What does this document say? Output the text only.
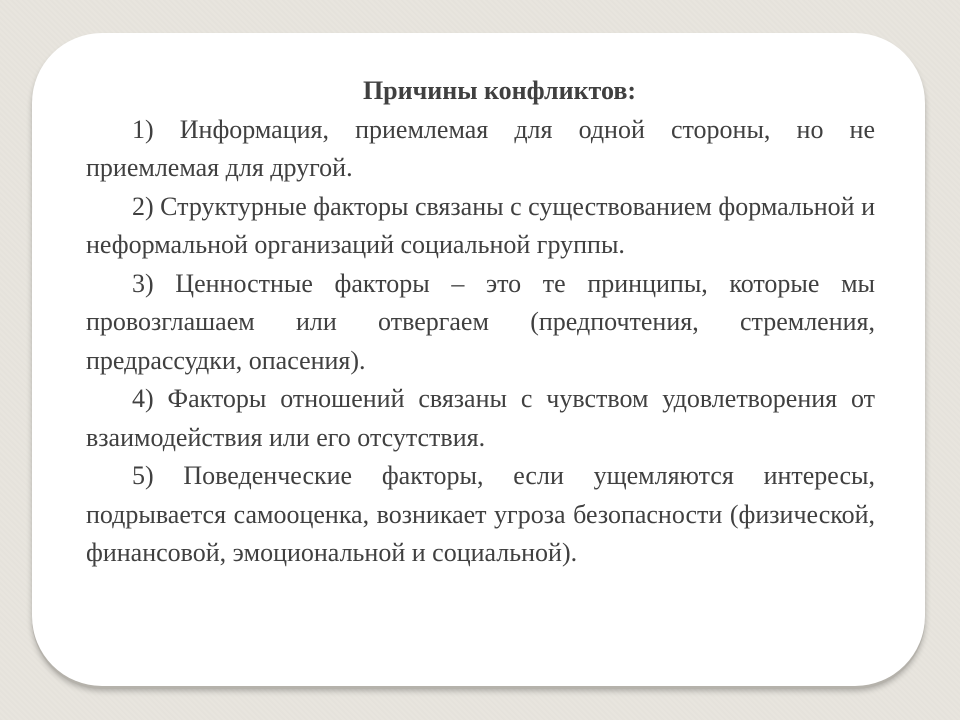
Причины конфликтов:

1) Информация, приемлемая для одной стороны, но не приемлемая для другой.

2) Структурные факторы связаны с существованием формальной и неформальной организаций социальной группы.

3) Ценностные факторы – это те принципы, которые мы провозглашаем или отвергаем (предпочтения, стремления, предрассудки, опасения).

4) Факторы отношений связаны с чувством удовлетворения от взаимодействия или его отсутствия.

5) Поведенческие факторы, если ущемляются интересы, подрывается самооценка, возникает угроза безопасности (физической, финансовой, эмоциональной и социальной).
